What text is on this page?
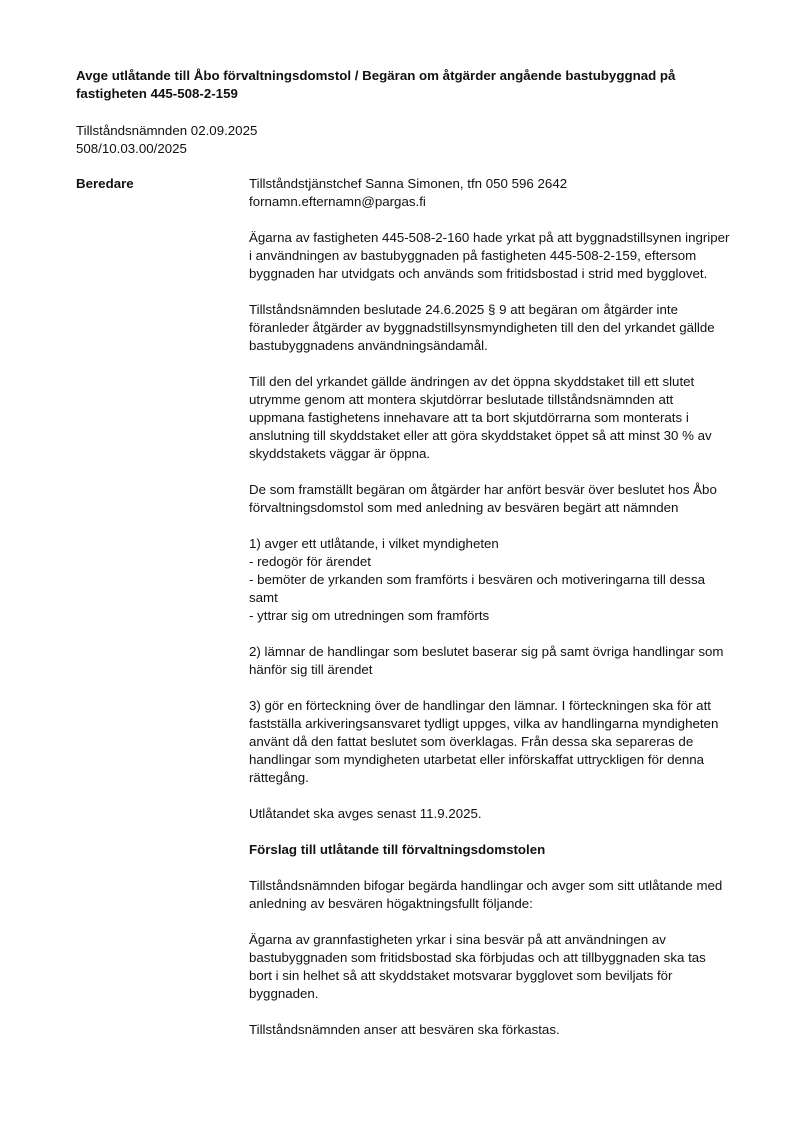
Avge utlåtande till Åbo förvaltningsdomstol / Begäran om åtgärder angående bastubyggnad på fastigheten 445-508-2-159
Tillståndsnämnden 02.09.2025
508/10.03.00/2025
Beredare	Tillståndstjänstchef Sanna Simonen, tfn 050 596 2642
fornamn.efternamn@pargas.fi
Ägarna av fastigheten 445-508-2-160 hade yrkat på att byggnadstillsynen ingriper
i användningen av bastubyggnaden på fastigheten 445-508-2-159, eftersom
byggnaden har utvidgats och används som fritidsbostad i strid med bygglovet.
Tillståndsnämnden beslutade 24.6.2025 § 9 att begäran om åtgärder inte
föranleder åtgärder av byggnadstillsynsmyndigheten till den del yrkandet gällde
bastubyggnadens användningsändamål.
Till den del yrkandet gällde ändringen av det öppna skyddstaket till ett slutet
utrymme genom att montera skjutdörrar beslutade tillståndsnämnden att
uppmana fastighetens innehavare att ta bort skjutdörrarna som monterats i
anslutning till skyddstaket eller att göra skyddstaket öppet så att minst 30 % av
skyddstakets väggar är öppna.
De som framställt begäran om åtgärder har anfört besvär över beslutet hos Åbo
förvaltningsdomstol som med anledning av besvären begärt att nämnden
1) avger ett utlåtande, i vilket myndigheten
- redogör för ärendet
- bemöter de yrkanden som framförts i besvären och motiveringarna till dessa
samt
- yttrar sig om utredningen som framförts
2) lämnar de handlingar som beslutet baserar sig på samt övriga handlingar som
hänför sig till ärendet
3) gör en förteckning över de handlingar den lämnar. I förteckningen ska för att
fastställa arkiveringsansvaret tydligt uppges, vilka av handlingarna myndigheten
använt då den fattat beslutet som överklagas. Från dessa ska separeras de
handlingar som myndigheten utarbetat eller införskaffat uttryckligen för denna
rättegång.
Utlåtandet ska avges senast 11.9.2025.
Förslag till utlåtande till förvaltningsdomstolen
Tillståndsnämnden bifogar begärda handlingar och avger som sitt utlåtande med
anledning av besvären högaktningsfullt följande:
Ägarna av grannfastigheten yrkar i sina besvär på att användningen av
bastubyggnaden som fritidsbostad ska förbjudas och att tillbyggnaden ska tas
bort i sin helhet så att skyddstaket motsvarar bygglovet som beviljats för
byggnaden.
Tillståndsnämnden anser att besvären ska förkastas.
